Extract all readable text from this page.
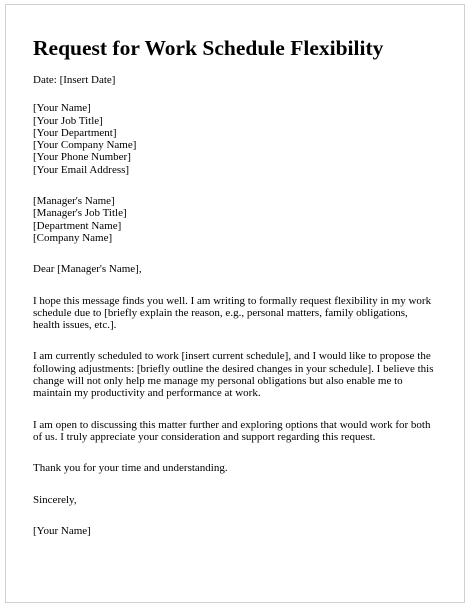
Request for Work Schedule Flexibility

Date: [Insert Date]

[Your Name]
[Your Job Title]
[Your Department]
[Your Company Name]
[Your Phone Number]
[Your Email Address]
[Manager's Name]
[Manager's Job Title]
[Department Name]
[Company Name]

Dear [Manager's Name],

I hope this message finds you well. I am writing to formally request flexibility in my work
schedule due to [briefly explain the reason, e.g., personal matters, family obligations,
health issues, etc.].
I am currently scheduled to work [insert current schedule], and I would like to propose the
following adjustments: [briefly outline the desired changes in your schedule]. I believe this
change will not only help me manage my personal obligations but also enable me to
maintain my productivity and performance at work.
I am open to discussing this matter further and exploring options that would work for both
of us. I truly appreciate your consideration and support regarding this request.

Thank you for your time and understanding.

Sincerely,

[Your Name]
